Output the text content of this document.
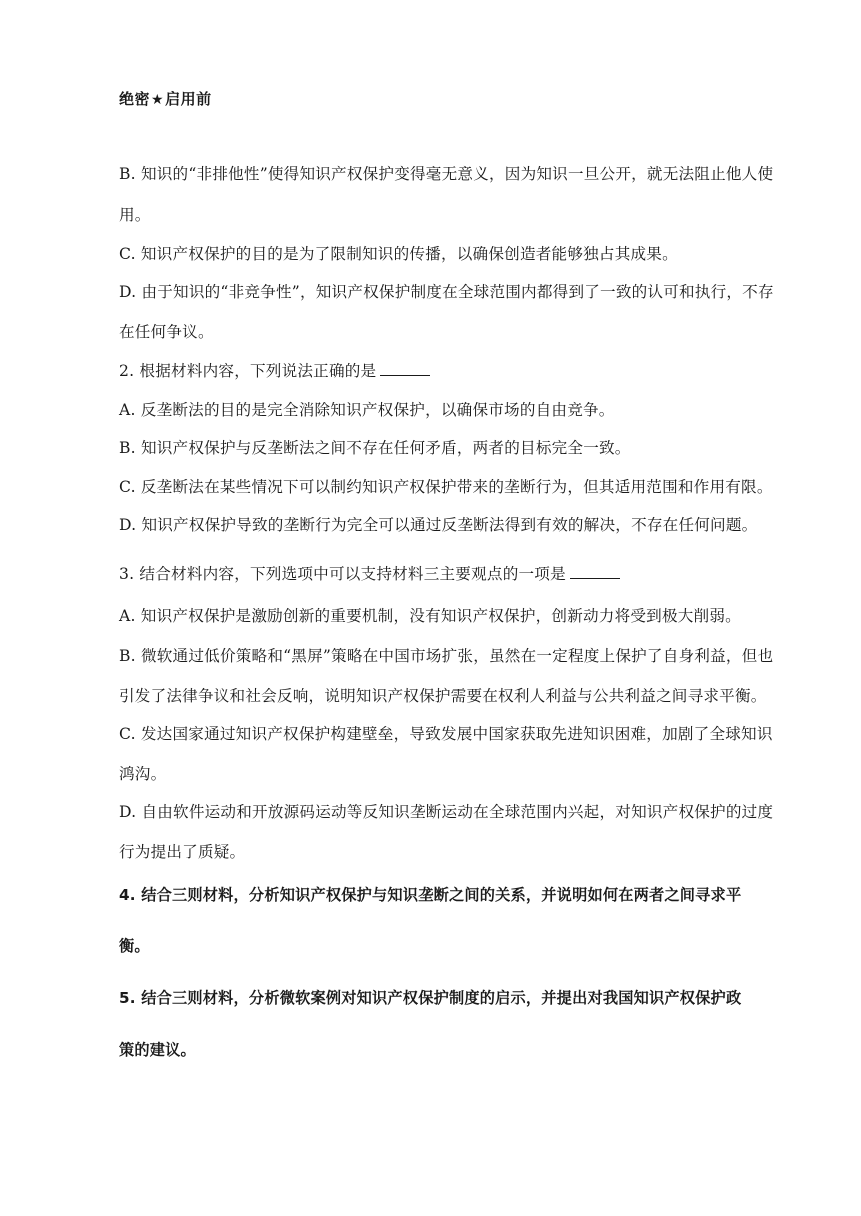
绝密★启用前
B. 知识的“非排他性”使得知识产权保护变得毫无意义，因为知识一旦公开，就无法阻止他人使
用。
C. 知识产权保护的目的是为了限制知识的传播，以确保创造者能够独占其成果。
D. 由于知识的“非竞争性”，知识产权保护制度在全球范围内都得到了一致的认可和执行，不存
在任何争议。
2. 根据材料内容，下列说法正确的是
A. 反垄断法的目的是完全消除知识产权保护，以确保市场的自由竞争。
B. 知识产权保护与反垄断法之间不存在任何矛盾，两者的目标完全一致。
C. 反垄断法在某些情况下可以制约知识产权保护带来的垄断行为，但其适用范围和作用有限。
D. 知识产权保护导致的垄断行为完全可以通过反垄断法得到有效的解决，不存在任何问题。
3. 结合材料内容，下列选项中可以支持材料三主要观点的一项是
A. 知识产权保护是激励创新的重要机制，没有知识产权保护，创新动力将受到极大削弱。
B. 微软通过低价策略和“黑屏”策略在中国市场扩张，虽然在一定程度上保护了自身利益，但也
引发了法律争议和社会反响，说明知识产权保护需要在权利人利益与公共利益之间寻求平衡。
C. 发达国家通过知识产权保护构建壁垒，导致发展中国家获取先进知识困难，加剧了全球知识
鸿沟。
D. 自由软件运动和开放源码运动等反知识垄断运动在全球范围内兴起，对知识产权保护的过度
行为提出了质疑。
4. 结合三则材料，分析知识产权保护与知识垄断之间的关系，并说明如何在两者之间寻求平
衡。
5. 结合三则材料，分析微软案例对知识产权保护制度的启示，并提出对我国知识产权保护政
策的建议。
